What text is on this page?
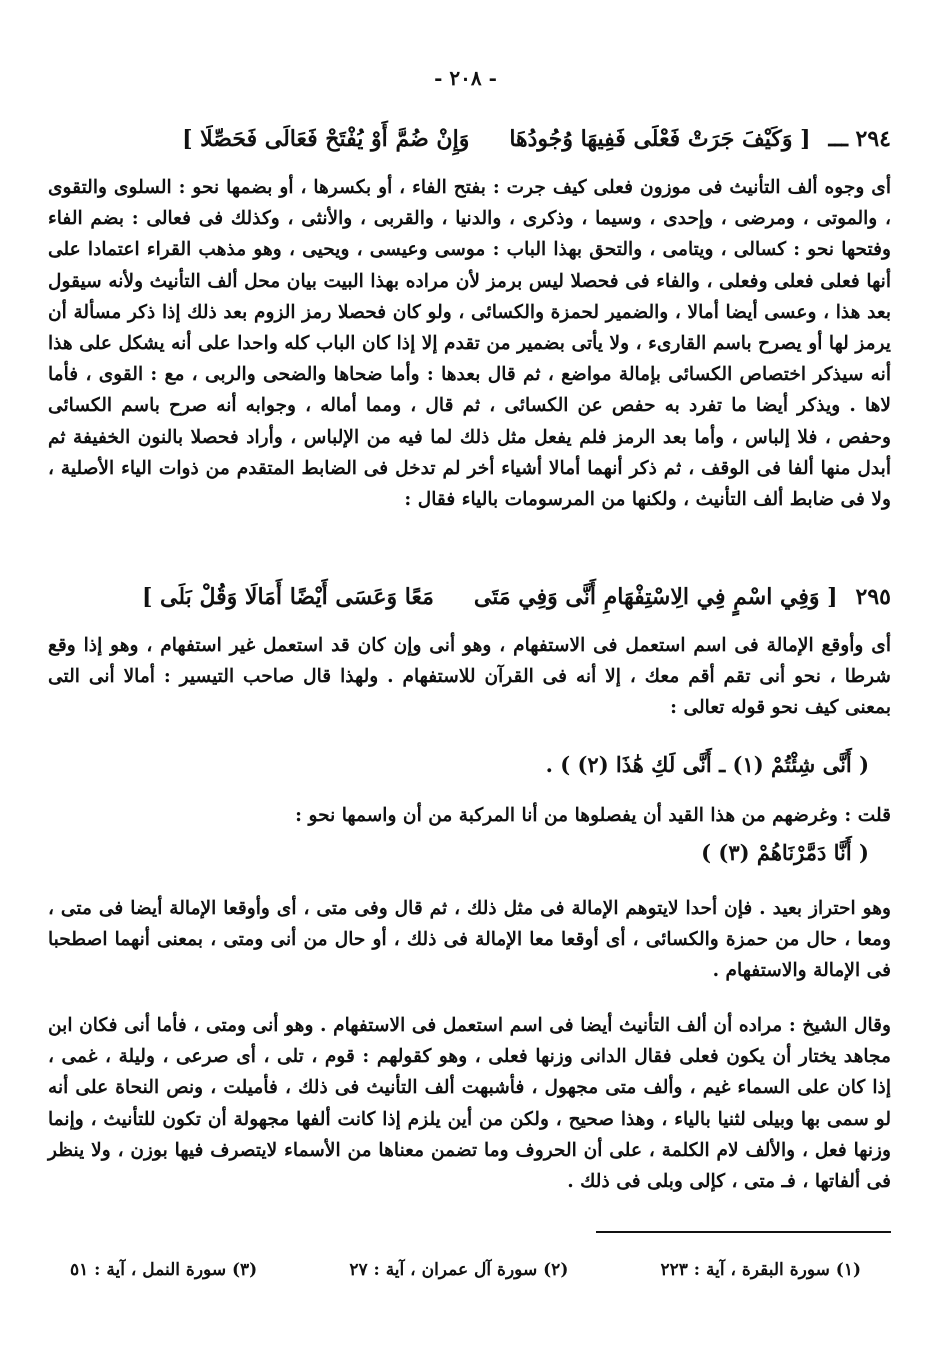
- ٢٠٨ -
٢٩٤ ـــ
[ وَكَيْفَ جَرَتْ فَعْلَى فَفِيهَا وُجُودُهَا
وَإِنْ ضُمَّ أَوْ يُفْتَحْ فَعَالَى فَحَصِّلَا ]

أى وجوه ألف التأنيث فى موزون فعلى كيف جرت : بفتح الفاء ، أو بكسرها ، أو بضمها نحو : السلوى والتقوى ، والموتى ، ومرضى ، وإحدى ، وسيما ، وذكرى ، والدنيا ، والقربى ، والأنثى ، وكذلك فى فعالى : بضم الفاء وفتحها نحو : كسالى ، ويتامى ، والتحق بهذا الباب : موسى وعيسى ، ويحيى ، وهو مذهب القراء اعتمادا على أنها فعلى فعلى وفعلى ، والفاء فى فحصلا ليس برمز لأن مراده بهذا البيت بيان محل ألف التأنيث ولأنه سيقول بعد هذا ، وعسى أيضا أمالا ، والضمير لحمزة والكسائى ، ولو كان فحصلا رمز الزوم بعد ذلك إذا ذكر مسألة أن يرمز لها أو يصرح باسم القارىء ، ولا يأتى بضمير من تقدم إلا إذا كان الباب كله واحدا على أنه يشكل على هذا أنه سيذكر اختصاص الكسائى بإمالة مواضع ، ثم قال بعدها : وأما ضحاها والضحى والربى ، مع : القوى ، فأما لاها . ويذكر أيضا ما تفرد به حفص عن الكسائى ، ثم قال ، ومما أماله ، وجوابه أنه صرح باسم الكسائى وحفص ، فلا إلباس ، وأما بعد الرمز فلم يفعل مثل ذلك لما فيه من الإلباس ، وأراد فحصلا بالنون الخفيفة ثم أبدل منها ألفا فى الوقف ، ثم ذكر أنهما أمالا أشياء أخر لم تدخل فى الضابط المتقدم من ذوات الياء الأصلية ، ولا فى ضابط ألف التأنيث ، ولكنها من المرسومات بالياء فقال :

٢٩٥
[ وَفِي اسْمٍ فِي الِاسْتِفْهَامِ أَنَّى وَفِي مَتَى
مَعًا وَعَسَى أَيْضًا أَمَالَا وَقُلْ بَلَى ]

أى وأوقع الإمالة فى اسم استعمل فى الاستفهام ، وهو أنى وإن كان قد استعمل غير استفهام ، وهو إذا وقع شرطا ، نحو أنى تقم أقم معك ، إلا أنه فى القرآن للاستفهام . ولهذا قال صاحب التيسير : أمالا أنى التى بمعنى كيف نحو قوله تعالى :

( أَنَّى شِئْتُمْ (١) ـ أَنَّى لَكِ هَٰذَا (٢) ) .

قلت : وغرضهم من هذا القيد أن يفصلوها من أنا المركبة من أن واسمها نحو :

( أَنَّا دَمَّرْنَاهُمْ (٣) )

وهو احتراز بعيد . فإن أحدا لايتوهم الإمالة فى مثل ذلك ، ثم قال وفى متى ، أى وأوقعا الإمالة أيضا فى متى ، ومعا ، حال من حمزة والكسائى ، أى أوقعا معا الإمالة فى ذلك ، أو حال من أنى ومتى ، بمعنى أنهما اصطحبا فى الإمالة والاستفهام .

وقال الشيخ : مراده أن ألف التأنيث أيضا فى اسم استعمل فى الاستفهام . وهو أنى ومتى ، فأما أنى فكان ابن مجاهد يختار أن يكون فعلى فقال الدانى وزنها فعلى ، وهو كقولهم : قوم ، تلى ، أى صرعى ، وليلة ، غمى ، إذا كان على السماء غيم ، وألف متى مجهول ، فأشبهت ألف التأنيث فى ذلك ، فأميلت ، ونص النحاة على أنه لو سمى بها وبيلى لثنيا بالياء ، وهذا صحيح ، ولكن من أين يلزم إذا كانت ألفها مجهولة أن تكون للتأنيث ، وإنما وزنها فعل ، والألف لام الكلمة ، على أن الحروف وما تضمن معناها من الأسماء لايتصرف فيها بوزن ، ولا ينظر فى ألفاتها ، فـ متى ، كإلى وبلى فى ذلك .

(١) سورة البقرة ، آية : ٢٢٣
(٢) سورة آل عمران ، آية : ٢٧
(٣) سورة النمل ، آية : ٥١
